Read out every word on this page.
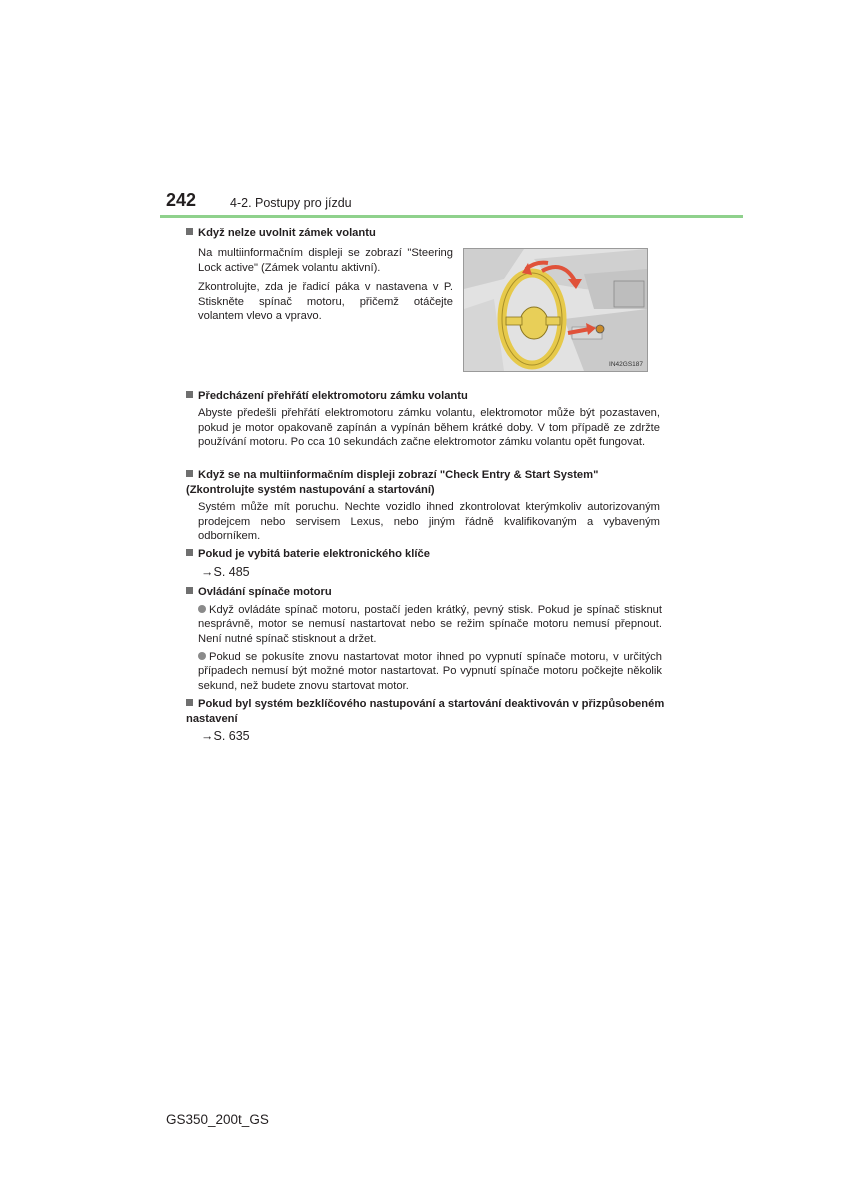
242	4-2. Postupy pro jízdu
Když nelze uvolnit zámek volantu
Na multiinformačním displeji se zobrazí "Steering Lock active" (Zámek volantu aktivní).
Zkontrolujte, zda je řadicí páka v nastavena v P. Stiskněte spínač motoru, přičemž otáčejte volantem vlevo a vpravo.
IN42GS187
Předcházení přehřátí elektromotoru zámku volantu
Abyste předešli přehřátí elektromotoru zámku volantu, elektromotor může být pozastaven, pokud je motor opakovaně zapínán a vypínán během krátké doby. V tom případě ze zdržte používání motoru. Po cca 10 sekundách začne elektromotor zámku volantu opět fungovat.
Když se na multiinformačním displeji zobrazí "Check Entry & Start System" (Zkontrolujte systém nastupování a startování)
Systém může mít poruchu. Nechte vozidlo ihned zkontrolovat kterýmkoliv autorizovaným prodejcem nebo servisem Lexus, nebo jiným řádně kvalifikovaným a vybaveným odborníkem.
Pokud je vybitá baterie elektronického klíče
→S. 485
Ovládání spínače motoru
Když ovládáte spínač motoru, postačí jeden krátký, pevný stisk. Pokud je spínač stisknut nesprávně, motor se nemusí nastartovat nebo se režim spínače motoru nemusí přepnout. Není nutné spínač stisknout a držet.
Pokud se pokusíte znovu nastartovat motor ihned po vypnutí spínače motoru, v určitých případech nemusí být možné motor nastartovat. Po vypnutí spínače motoru počkejte několik sekund, než budete znovu startovat motor.
Pokud byl systém bezklíčového nastupování a startování deaktivován v přizpůsobeném nastavení
→S. 635
GS350_200t_GS
